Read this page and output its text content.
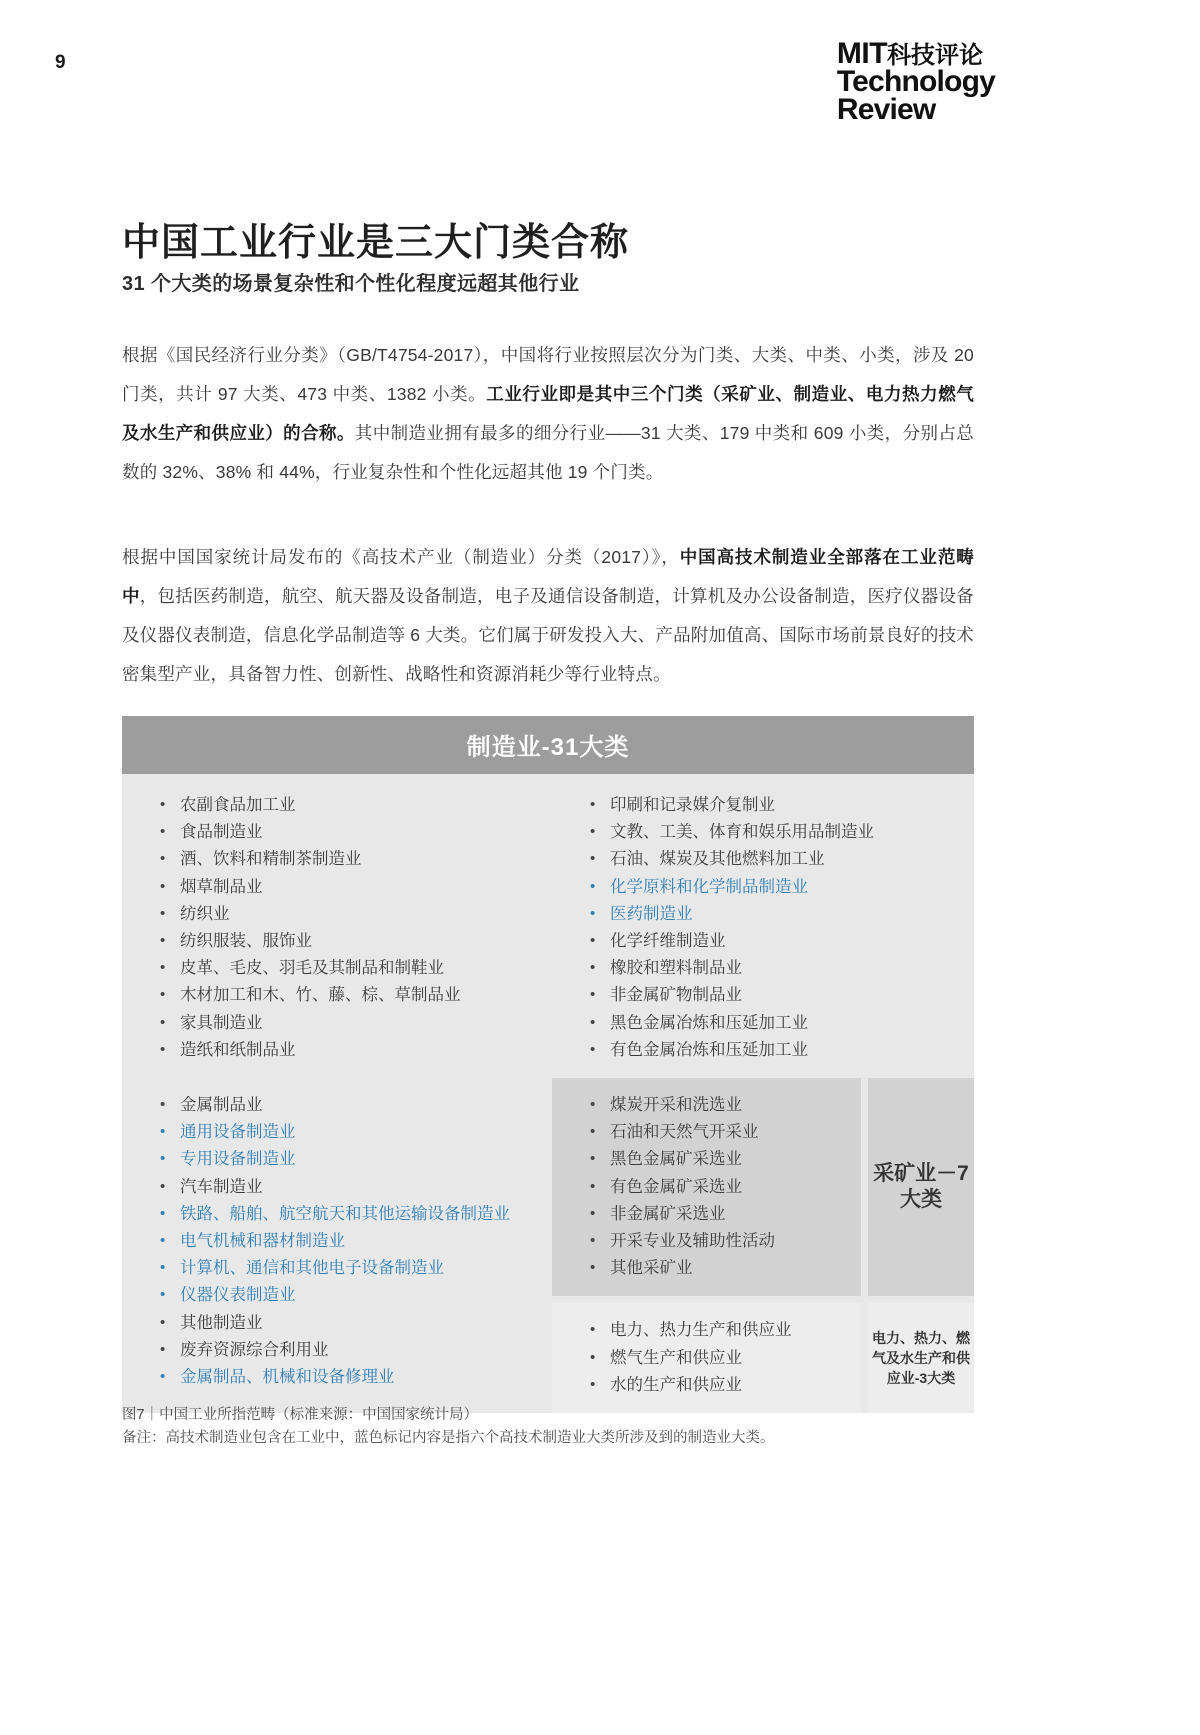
9	MIT科技评论
Technology
Review
中国工业行业是三大门类合称
31 个大类的场景复杂性和个性化程度远超其他行业

根据《国民经济行业分类》（GB/T4754-2017），中国将行业按照层次分为门类、大类、中类、小类，涉及 20 门类，共计 97 大类、473 中类、1382 小类。工业行业即是其中三个门类（采矿业、制造业、电力热力燃气及水生产和供应业）的合称。其中制造业拥有最多的细分行业——31 大类、179 中类和 609 小类，分别占总数的 32%、38% 和 44%，行业复杂性和个性化远超其他 19 个门类。

根据中国国家统计局发布的《高技术产业（制造业）分类（2017）》，中国高技术制造业全部落在工业范畴中，包括医药制造，航空、航天器及设备制造，电子及通信设备制造，计算机及办公设备制造，医疗仪器设备及仪器仪表制造，信息化学品制造等 6 大类。它们属于研发投入大、产品附加值高、国际市场前景良好的技术密集型产业，具备智力性、创新性、战略性和资源消耗少等行业特点。

制造业-31大类
• 农副食品加工业
• 食品制造业
• 酒、饮料和精制茶制造业
• 烟草制品业
• 纺织业
• 纺织服装、服饰业
• 皮革、毛皮、羽毛及其制品和制鞋业
• 木材加工和木、竹、藤、棕、草制品业
• 家具制造业
• 造纸和纸制品业
• 金属制品业
• 通用设备制造业
• 专用设备制造业
• 汽车制造业
• 铁路、船舶、航空航天和其他运输设备制造业
• 电气机械和器材制造业
• 计算机、通信和其他电子设备制造业
• 仪器仪表制造业
• 其他制造业
• 废弃资源综合利用业
• 金属制品、机械和设备修理业
• 印刷和记录媒介复制业
• 文教、工美、体育和娱乐用品制造业
• 石油、煤炭及其他燃料加工业
• 化学原料和化学制品制造业
• 医药制造业
• 化学纤维制造业
• 橡胶和塑料制品业
• 非金属矿物制品业
• 黑色金属冶炼和压延加工业
• 有色金属冶炼和压延加工业
• 煤炭开采和洗选业
• 石油和天然气开采业
• 黑色金属矿采选业
• 有色金属矿采选业
• 非金属矿采选业
• 开采专业及辅助性活动
• 其他采矿业
采矿业－7大类
• 电力、热力生产和供应业
• 燃气生产和供应业
• 水的生产和供应业
电力、热力、燃气及水生产和供应业-3大类
图7｜中国工业所指范畴（标准来源：中国国家统计局）
备注：高技术制造业包含在工业中，蓝色标记内容是指六个高技术制造业大类所涉及到的制造业大类。
